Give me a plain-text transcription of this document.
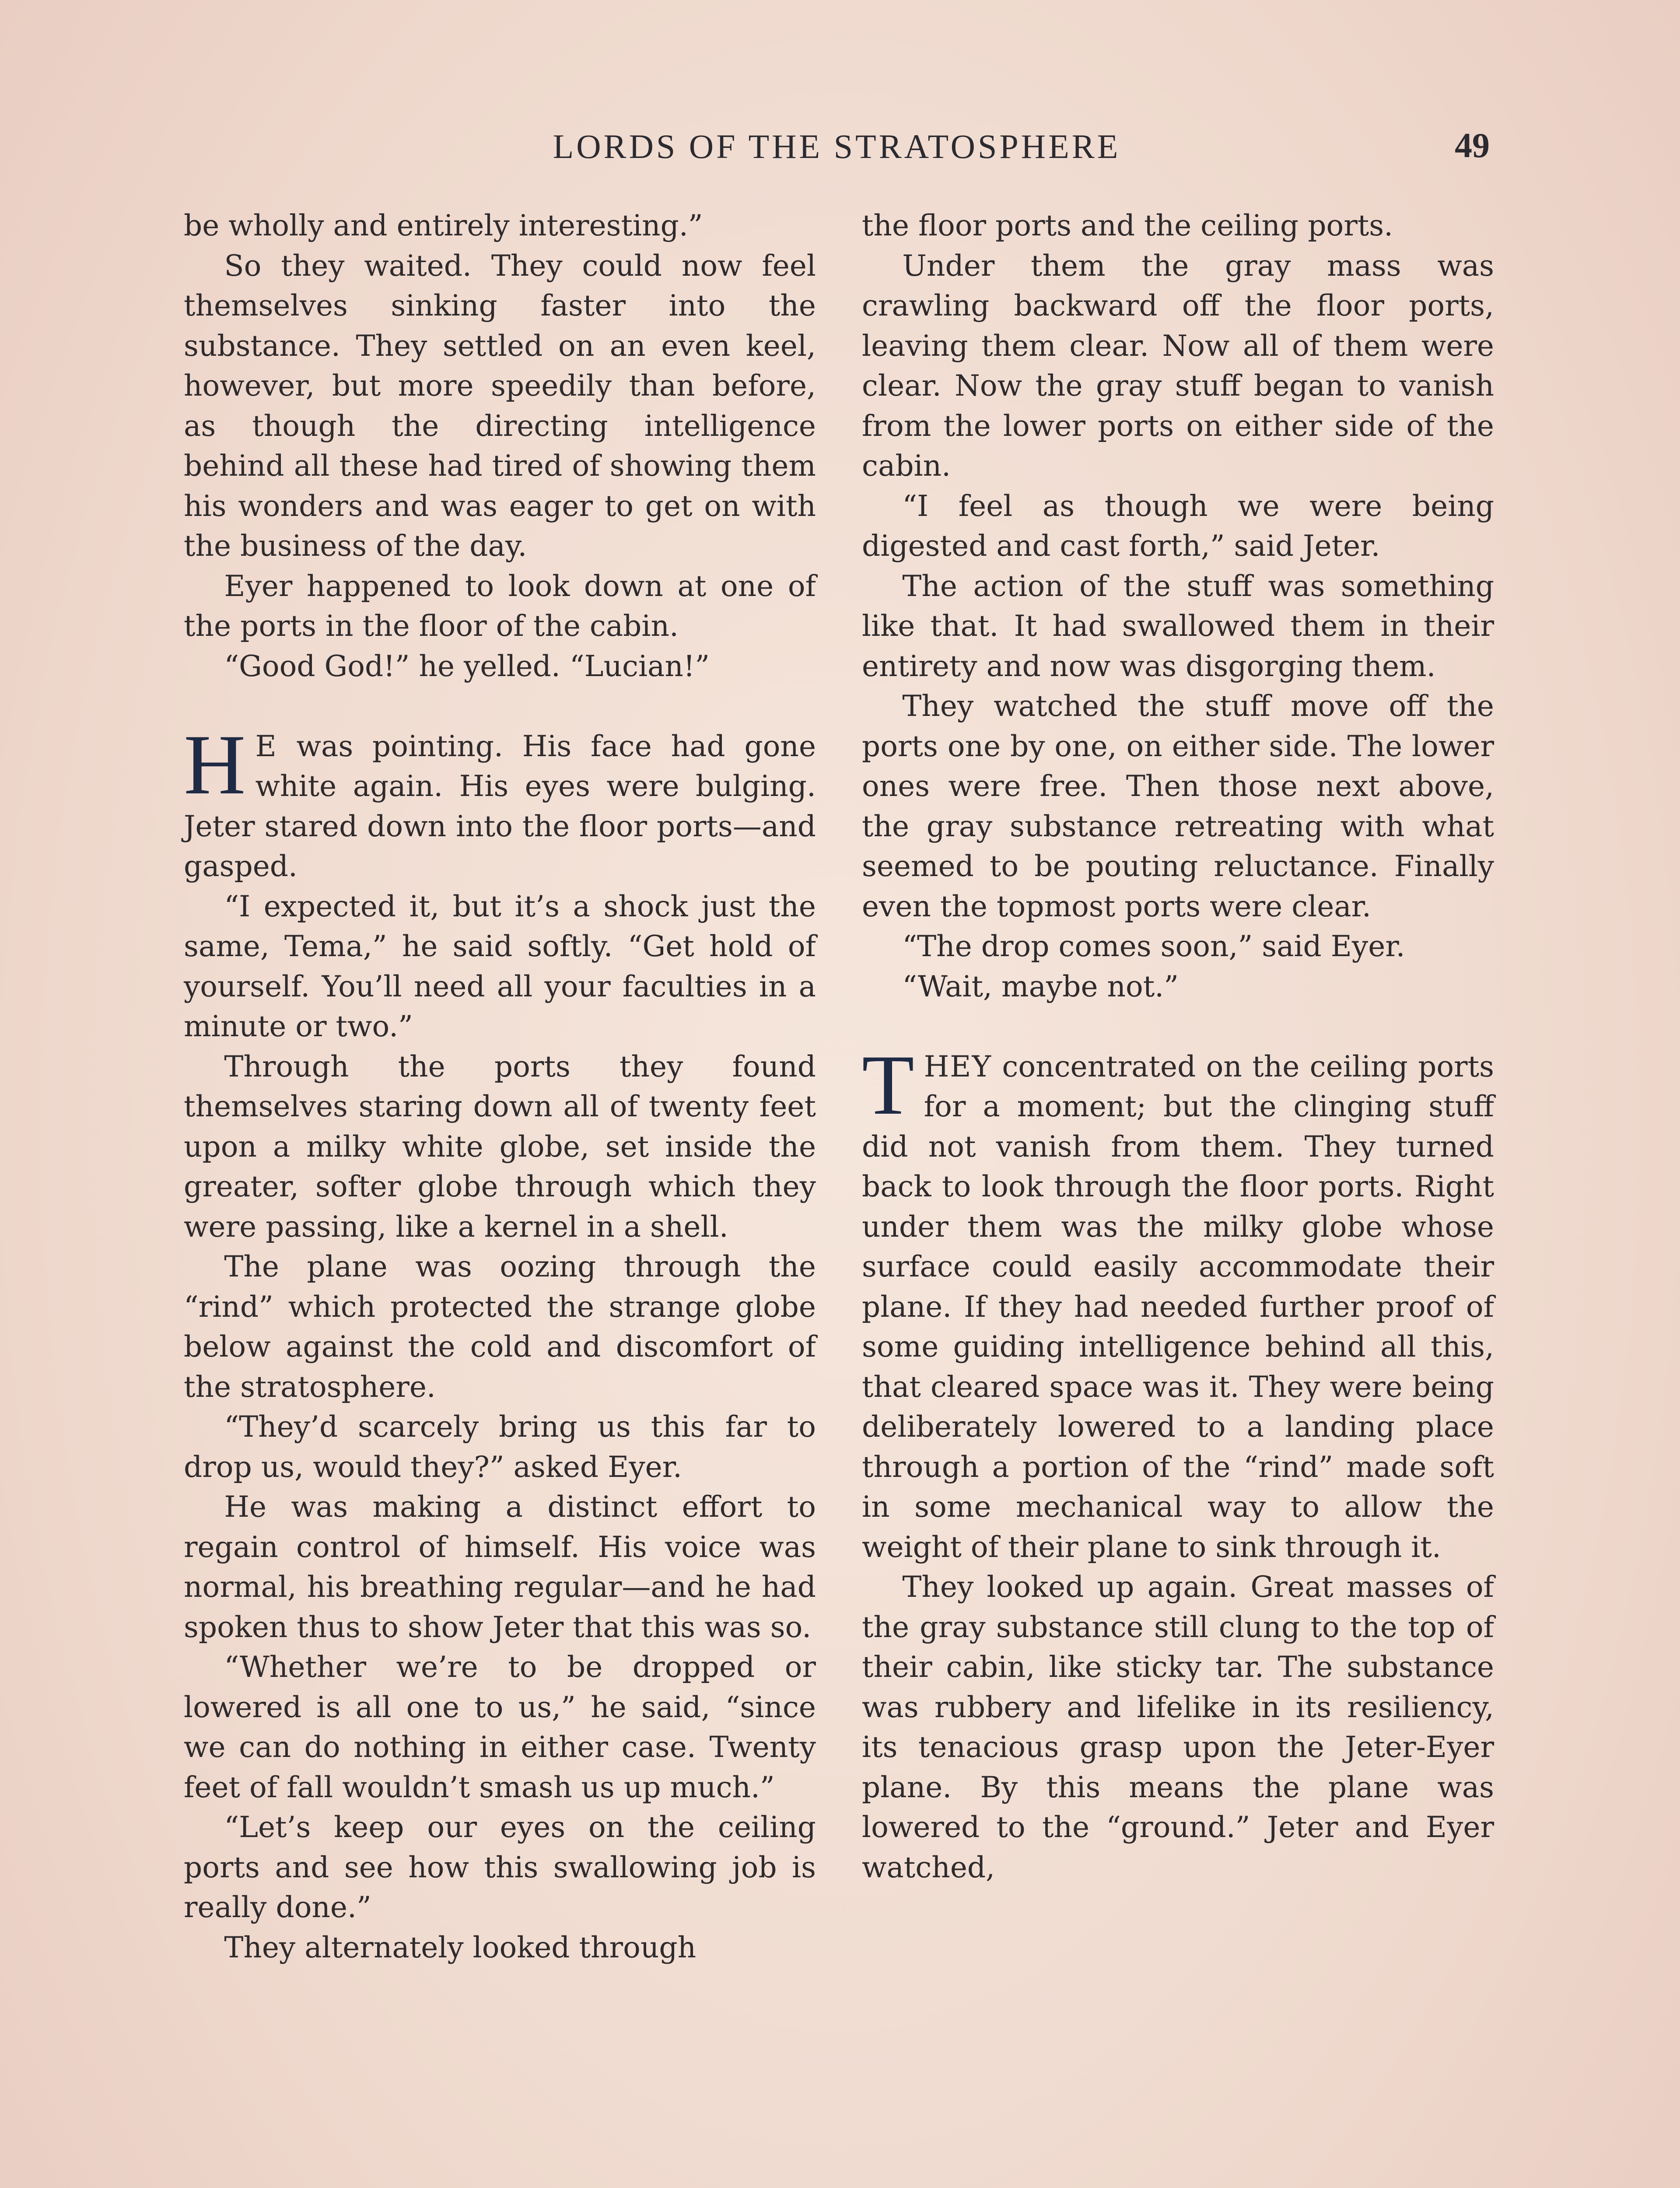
LORDS OF THE STRATOSPHERE	49

be wholly and entirely interesting.”

So they waited. They could now feel themselves sinking faster into the substance. They settled on an even keel, however, but more speedily than before, as though the directing intelligence behind all these had tired of showing them his wonders and was eager to get on with the business of the day.

Eyer happened to look down at one of the ports in the floor of the cabin.

“Good God!” he yelled. “Lucian!”

HE was pointing. His face had gone white again. His eyes were bulging. Jeter stared down into the floor ports—and gasped.

“I expected it, but it’s a shock just the same, Tema,” he said softly. “Get hold of yourself. You’ll need all your faculties in a minute or two.”

Through the ports they found themselves staring down all of twenty feet upon a milky white globe, set inside the greater, softer globe through which they were passing, like a kernel in a shell.

The plane was oozing through the “rind” which protected the strange globe below against the cold and discomfort of the stratosphere.

“They’d scarcely bring us this far to drop us, would they?” asked Eyer.

He was making a distinct effort to regain control of himself. His voice was normal, his breathing regular—and he had spoken thus to show Jeter that this was so.

“Whether we’re to be dropped or lowered is all one to us,” he said, “since we can do nothing in either case. Twenty feet of fall wouldn’t smash us up much.”

“Let’s keep our eyes on the ceiling ports and see how this swallowing job is really done.”

They alternately looked through

the floor ports and the ceiling ports.

Under them the gray mass was crawling backward off the floor ports, leaving them clear. Now all of them were clear. Now the gray stuff began to vanish from the lower ports on either side of the cabin.

“I feel as though we were being digested and cast forth,” said Jeter.

The action of the stuff was something like that. It had swallowed them in their entirety and now was disgorging them.

They watched the stuff move off the ports one by one, on either side. The lower ones were free. Then those next above, the gray substance retreating with what seemed to be pouting reluctance. Finally even the topmost ports were clear.

“The drop comes soon,” said Eyer.

“Wait, maybe not.”

THEY concentrated on the ceiling ports for a moment; but the clinging stuff did not vanish from them. They turned back to look through the floor ports. Right under them was the milky globe whose surface could easily accommodate their plane. If they had needed further proof of some guiding intelligence behind all this, that cleared space was it. They were being deliberately lowered to a landing place through a portion of the “rind” made soft in some mechanical way to allow the weight of their plane to sink through it.

They looked up again. Great masses of the gray substance still clung to the top of their cabin, like sticky tar. The substance was rubbery and lifelike in its resiliency, its tenacious grasp upon the Jeter-Eyer plane. By this means the plane was lowered to the “ground.” Jeter and Eyer watched,
